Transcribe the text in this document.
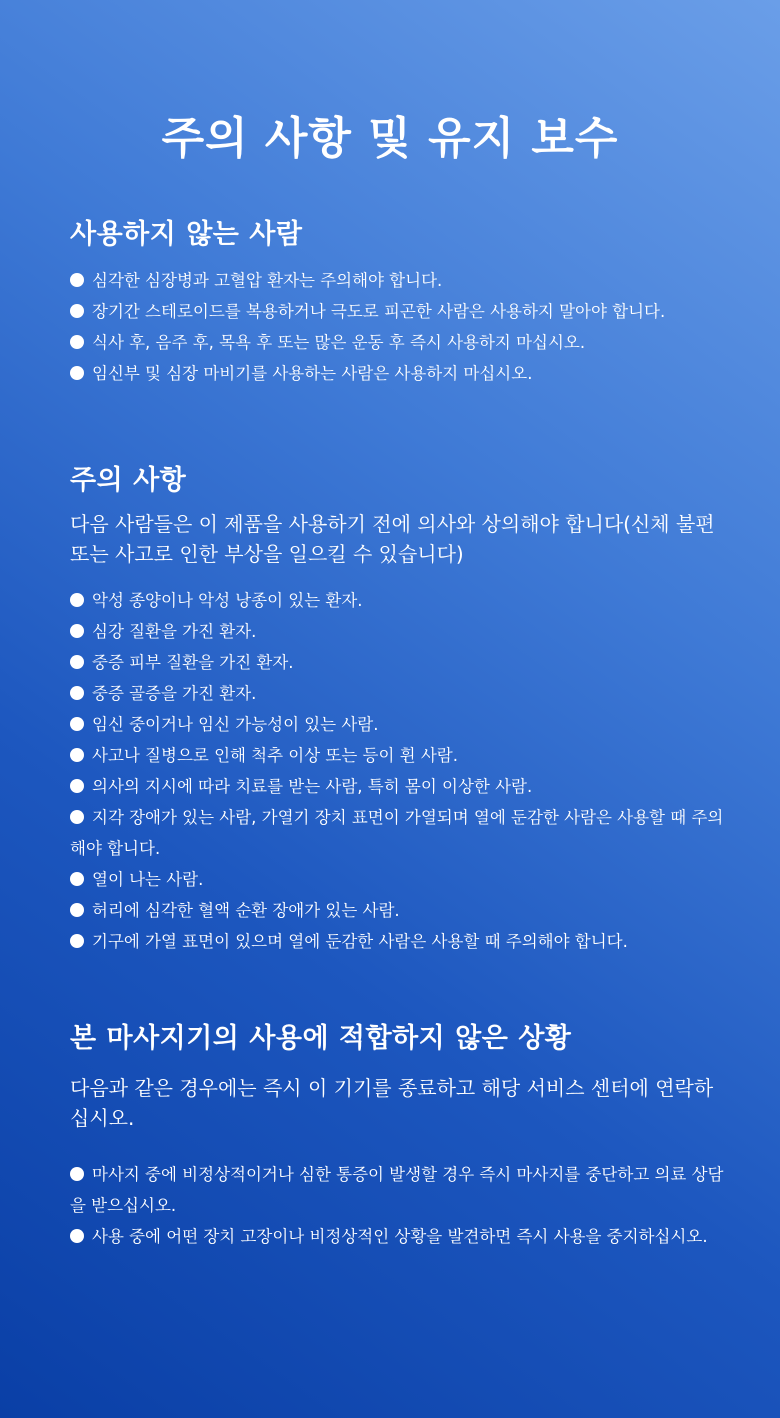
주의 사항 및 유지 보수
사용하지 않는 사람
심각한 심장병과 고혈압 환자는 주의해야 합니다.
장기간 스테로이드를 복용하거나 극도로 피곤한 사람은 사용하지 말아야 합니다.
식사 후, 음주 후, 목욕 후 또는 많은 운동 후 즉시 사용하지 마십시오.
임신부 및 심장 마비기를 사용하는 사람은 사용하지 마십시오.
주의 사항

다음 사람들은 이 제품을 사용하기 전에 의사와 상의해야 합니다(신체 불편 또는 사고로 인한 부상을 일으킬 수 있습니다)

악성 종양이나 악성 낭종이 있는 환자.
심강 질환을 가진 환자.
중증 피부 질환을 가진 환자.
중증 골증을 가진 환자.
임신 중이거나 임신 가능성이 있는 사람.
사고나 질병으로 인해 척추 이상 또는 등이 휜 사람.
의사의 지시에 따라 치료를 받는 사람, 특히 몸이 이상한 사람.
지각 장애가 있는 사람, 가열기 장치 표면이 가열되며 열에 둔감한 사람은 사용할 때 주의해야 합니다.
열이 나는 사람.
허리에 심각한 혈액 순환 장애가 있는 사람.
기구에 가열 표면이 있으며 열에 둔감한 사람은 사용할 때 주의해야 합니다.
본 마사지기의 사용에 적합하지 않은 상황

다음과 같은 경우에는 즉시 이 기기를 종료하고 해당 서비스 센터에 연락하십시오.

마사지 중에 비정상적이거나 심한 통증이 발생할 경우 즉시 마사지를 중단하고 의료 상담을 받으십시오.
사용 중에 어떤 장치 고장이나 비정상적인 상황을 발견하면 즉시 사용을 중지하십시오.
